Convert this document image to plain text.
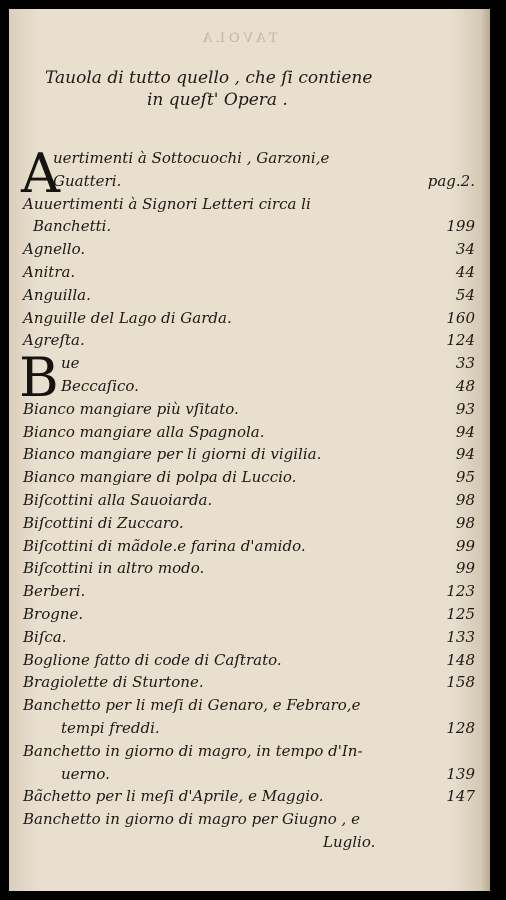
TAVOLA
Tauola di tutto quello , che ſi contiene
in queſt' Opera .
A
B
uertimenti à Sottocuochi , Garzoni,e
Guatteri.	pag.2.
Auuertimenti à Signori Letteri circa li
Banchetti.	199
Agnello.	34
Anitra.	44
Anguilla.	54
Anguille del Lago di Garda.	160
Agreſta.	124
ue	33
Beccaſico.	48
Bianco mangiare più vſitato.	93
Bianco mangiare alla Spagnola.	94
Bianco mangiare per li giorni di vigilia.	94
Bianco mangiare di polpa di Luccio.	95
Biſcottini alla Sauoiarda.	98
Biſcottini di Zuccaro.	98
Biſcottini di mãdole.e farina d'amido.	99
Biſcottini in altro modo.	99
Berberi.	123
Brogne.	125
Biſca.	133
Boglione fatto di code di Caſtrato.	148
Bragiolette di Sturtone.	158
Banchetto per li meſi di Genaro, e Febraro,e
tempi freddi.	128
Banchetto in giorno di magro, in tempo d'In-
uerno.	139
Bãchetto per li meſi d'Aprile, e Maggio.	147
Banchetto in giorno di magro per Giugno , e
Luglio.
